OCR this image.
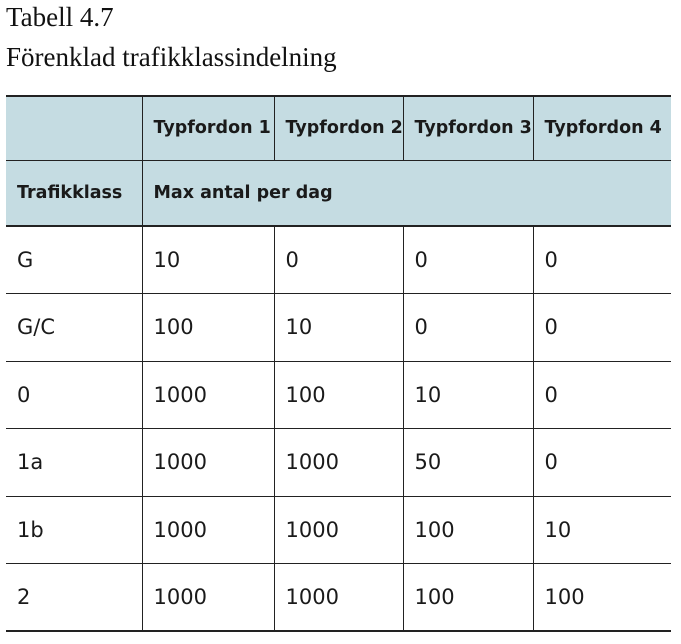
Tabell 4.7
Förenklad trafikklassindelning
	Typfordon 1	Typfordon 2	Typfordon 3	Typfordon 4
Trafikklass	Max antal per dag			
G	10	0	0	0
G/C	100	10	0	0
0	1000	100	10	0
1a	1000	1000	50	0
1b	1000	1000	100	10
2	1000	1000	100	100
